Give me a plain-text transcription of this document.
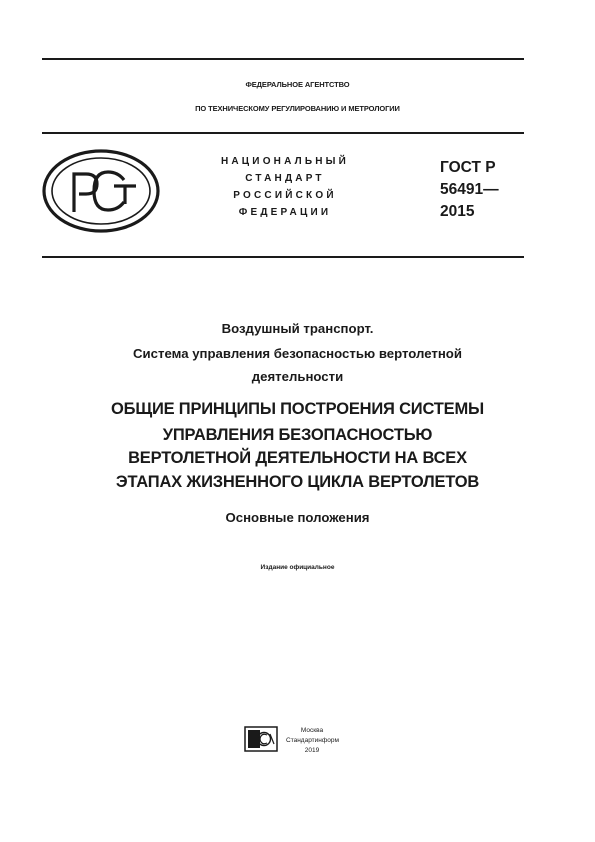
ФЕДЕРАЛЬНОЕ АГЕНТСТВО
ПО ТЕХНИЧЕСКОМУ РЕГУЛИРОВАНИЮ И МЕТРОЛОГИИ
НАЦИОНАЛЬНЫЙ
СТАНДАРТ
РОССИЙСКОЙ
ФЕДЕРАЦИИ
ГОСТ Р
56491—
2015
Воздушный транспорт.
Система управления безопасностью вертолетной
деятельности
ОБЩИЕ ПРИНЦИПЫ ПОСТРОЕНИЯ СИСТЕМЫ
УПРАВЛЕНИЯ БЕЗОПАСНОСТЬЮ
ВЕРТОЛЕТНОЙ ДЕЯТЕЛЬНОСТИ НА ВСЕХ
ЭТАПАХ ЖИЗНЕННОГО ЦИКЛА ВЕРТОЛЕТОВ
Основные положения
Издание официальное
Москва
Стандартинформ
2019
